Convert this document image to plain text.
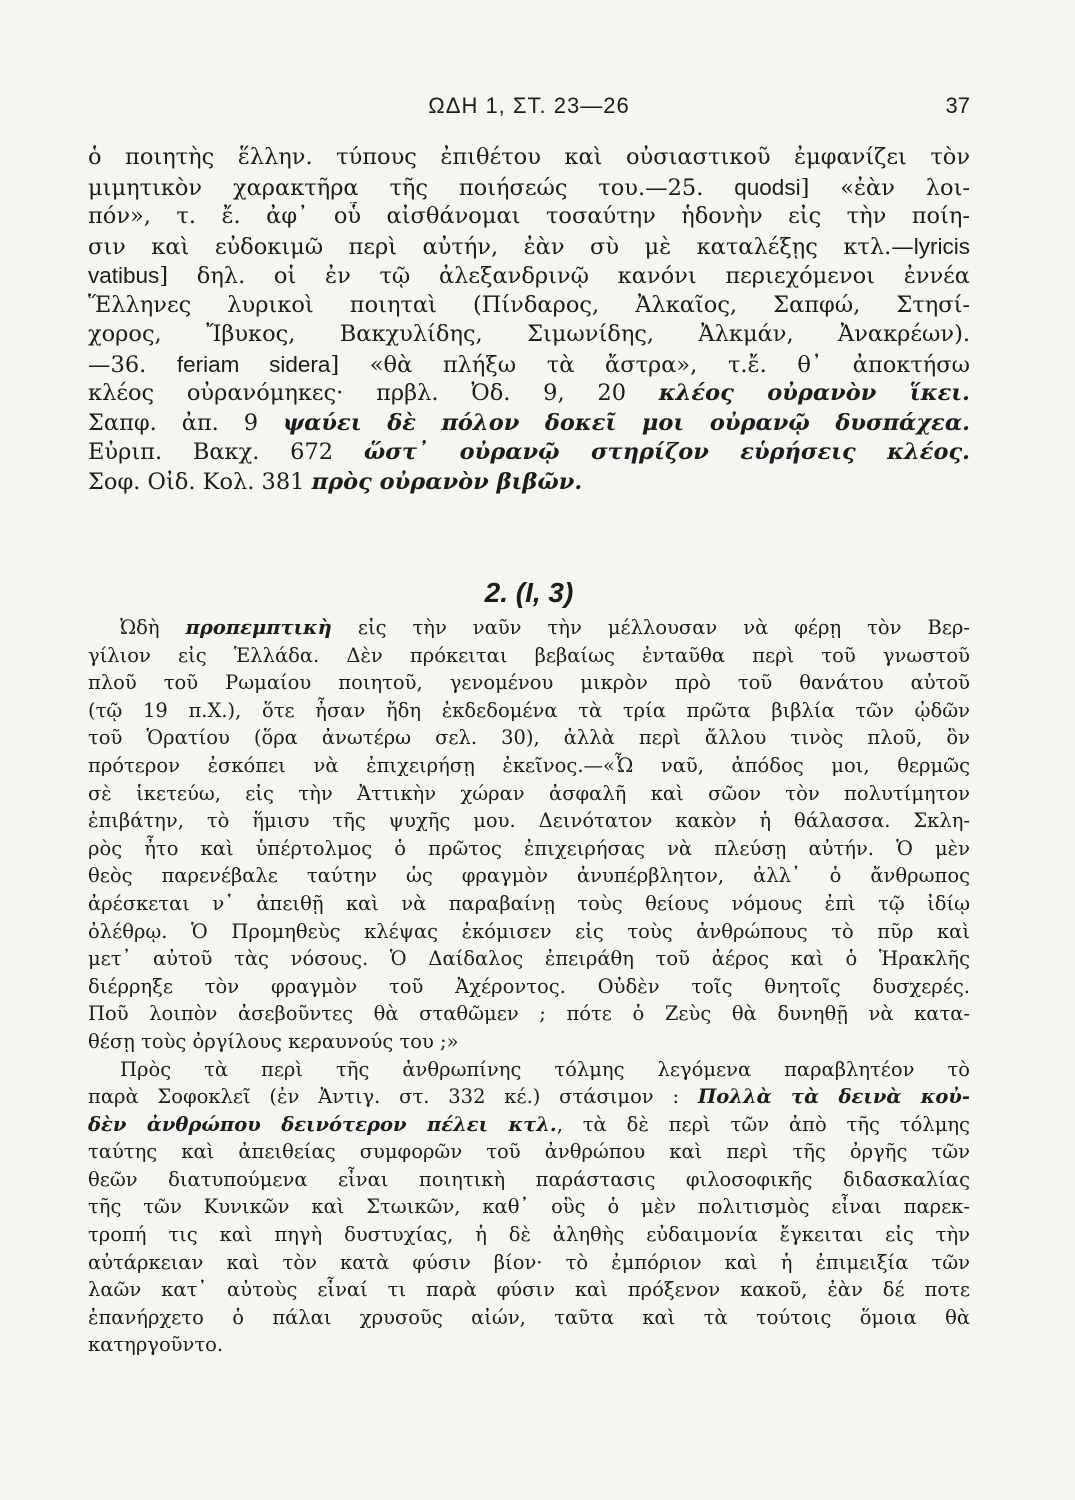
ΩΔΗ 1, ΣΤ. 23—26	37
ὁ ποιητὴς ἕλλην. τύπους ἐπιθέτου καὶ οὐσιαστικοῦ ἐμφανίζει τὸν
μιμητικὸν χαρακτῆρα τῆς ποιήσεώς του.—25. quodsi] «ἐὰν λοι-
πόν», τ. ἔ. ἀφ᾽ οὗ αἰσθάνομαι τοσαύτην ἡδονὴν εἰς τὴν ποίη-
σιν καὶ εὐδοκιμῶ περὶ αὐτήν, ἐὰν σὺ μὲ καταλέξῃς κτλ.—lyricis
vatibus] δηλ. οἱ ἐν τῷ ἀλεξανδρινῷ κανόνι περιεχόμενοι ἐννέα
Ἕλληνες λυρικοὶ ποιηταὶ (Πίνδαρος, Ἀλκαῖος, Σαπφώ, Στησί-
χορος, Ἴβυκος, Βακχυλίδης, Σιμωνίδης, Ἀλκμάν, Ἀνακρέων).
—36. feriam sidera] «θὰ πλήξω τὰ ἄστρα», τ.ἔ. θ᾽ ἀποκτήσω
κλέος οὐρανόμηκες· πρβλ. Ὀδ. 9, 20 κλέος οὐρανὸν ἵκει.
Σαπφ. ἀπ. 9 ψαύει δὲ πόλον δοκεῖ μοι οὐρανῷ δυσπάχεα.
Εὐριπ. Βακχ. 672 ὥστ᾽ οὐρανῷ στηρίζον εὑρήσεις κλέος.
Σοφ. Οἰδ. Κολ. 381 πρὸς οὐρανὸν βιβῶν.
2. (I, 3)
Ὠδὴ προπεμπτικὴ εἰς τὴν ναῦν τὴν μέλλουσαν νὰ φέρῃ τὸν Βερ-
γίλιον εἰς Ἑλλάδα. Δὲν πρόκειται βεβαίως ἐνταῦθα περὶ τοῦ γνωστοῦ
πλοῦ τοῦ Ρωμαίου ποιητοῦ, γενομένου μικρὸν πρὸ τοῦ θανάτου αὐτοῦ
(τῷ 19 π.Χ.), ὅτε ἦσαν ἤδη ἐκδεδομένα τὰ τρία πρῶτα βιβλία τῶν ᾠδῶν
τοῦ Ὁρατίου (ὅρα ἀνωτέρω σελ. 30), ἀλλὰ περὶ ἄλλου τινὸς πλοῦ, ὃν
πρότερον ἐσκόπει νὰ ἐπιχειρήσῃ ἐκεῖνος.—«Ὦ ναῦ, ἀπόδος μοι, θερμῶς
σὲ ἱκετεύω, εἰς τὴν Ἀττικὴν χώραν ἀσφαλῆ καὶ σῶον τὸν πολυτίμητον
ἐπιβάτην, τὸ ἥμισυ τῆς ψυχῆς μου. Δεινότατον κακὸν ἡ θάλασσα. Σκλη-
ρὸς ἦτο καὶ ὑπέρτολμος ὁ πρῶτος ἐπιχειρήσας νὰ πλεύσῃ αὐτήν. Ὁ μὲν
θεὸς παρενέβαλε ταύτην ὡς φραγμὸν ἀνυπέρβλητον, ἀλλ᾽ ὁ ἄνθρωπος
ἀρέσκεται ν᾽ ἀπειθῇ καὶ νὰ παραβαίνῃ τοὺς θείους νόμους ἐπὶ τῷ ἰδίῳ
ὀλέθρῳ. Ὁ Προμηθεὺς κλέψας ἐκόμισεν εἰς τοὺς ἀνθρώπους τὸ πῦρ καὶ
μετ᾽ αὐτοῦ τὰς νόσους. Ὁ Δαίδαλος ἐπειράθη τοῦ ἀέρος καὶ ὁ Ἡρακλῆς
διέρρηξε τὸν φραγμὸν τοῦ Ἀχέροντος. Οὐδὲν τοῖς θνητοῖς δυσχερές.
Ποῦ λοιπὸν ἀσεβοῦντες θὰ σταθῶμεν ; πότε ὁ Ζεὺς θὰ δυνηθῇ νὰ κατα-
θέσῃ τοὺς ὀργίλους κεραυνούς του ;»
Πρὸς τὰ περὶ τῆς ἀνθρωπίνης τόλμης λεγόμενα παραβλητέον τὸ
παρὰ Σοφοκλεῖ (ἐν Ἀντιγ. στ. 332 κέ.) στάσιμον : Πολλὰ τὰ δεινὰ κοὐ-
δὲν ἀνθρώπου δεινότερον πέλει κτλ., τὰ δὲ περὶ τῶν ἀπὸ τῆς τόλμης
ταύτης καὶ ἀπειθείας συμφορῶν τοῦ ἀνθρώπου καὶ περὶ τῆς ὀργῆς τῶν
θεῶν διατυπούμενα εἶναι ποιητικὴ παράστασις φιλοσοφικῆς διδασκαλίας
τῆς τῶν Κυνικῶν καὶ Στωικῶν, καθ᾽ οὓς ὁ μὲν πολιτισμὸς εἶναι παρεκ-
τροπή τις καὶ πηγὴ δυστυχίας, ἡ δὲ ἀληθὴς εὐδαιμονία ἔγκειται εἰς τὴν
αὐτάρκειαν καὶ τὸν κατὰ φύσιν βίον· τὸ ἐμπόριον καὶ ἡ ἐπιμειξία τῶν
λαῶν κατ᾽ αὐτοὺς εἶναί τι παρὰ φύσιν καὶ πρόξενον κακοῦ, ἐὰν δέ ποτε
ἐπανήρχετο ὁ πάλαι χρυσοῦς αἰών, ταῦτα καὶ τὰ τούτοις ὅμοια θὰ
κατηργοῦντο.
